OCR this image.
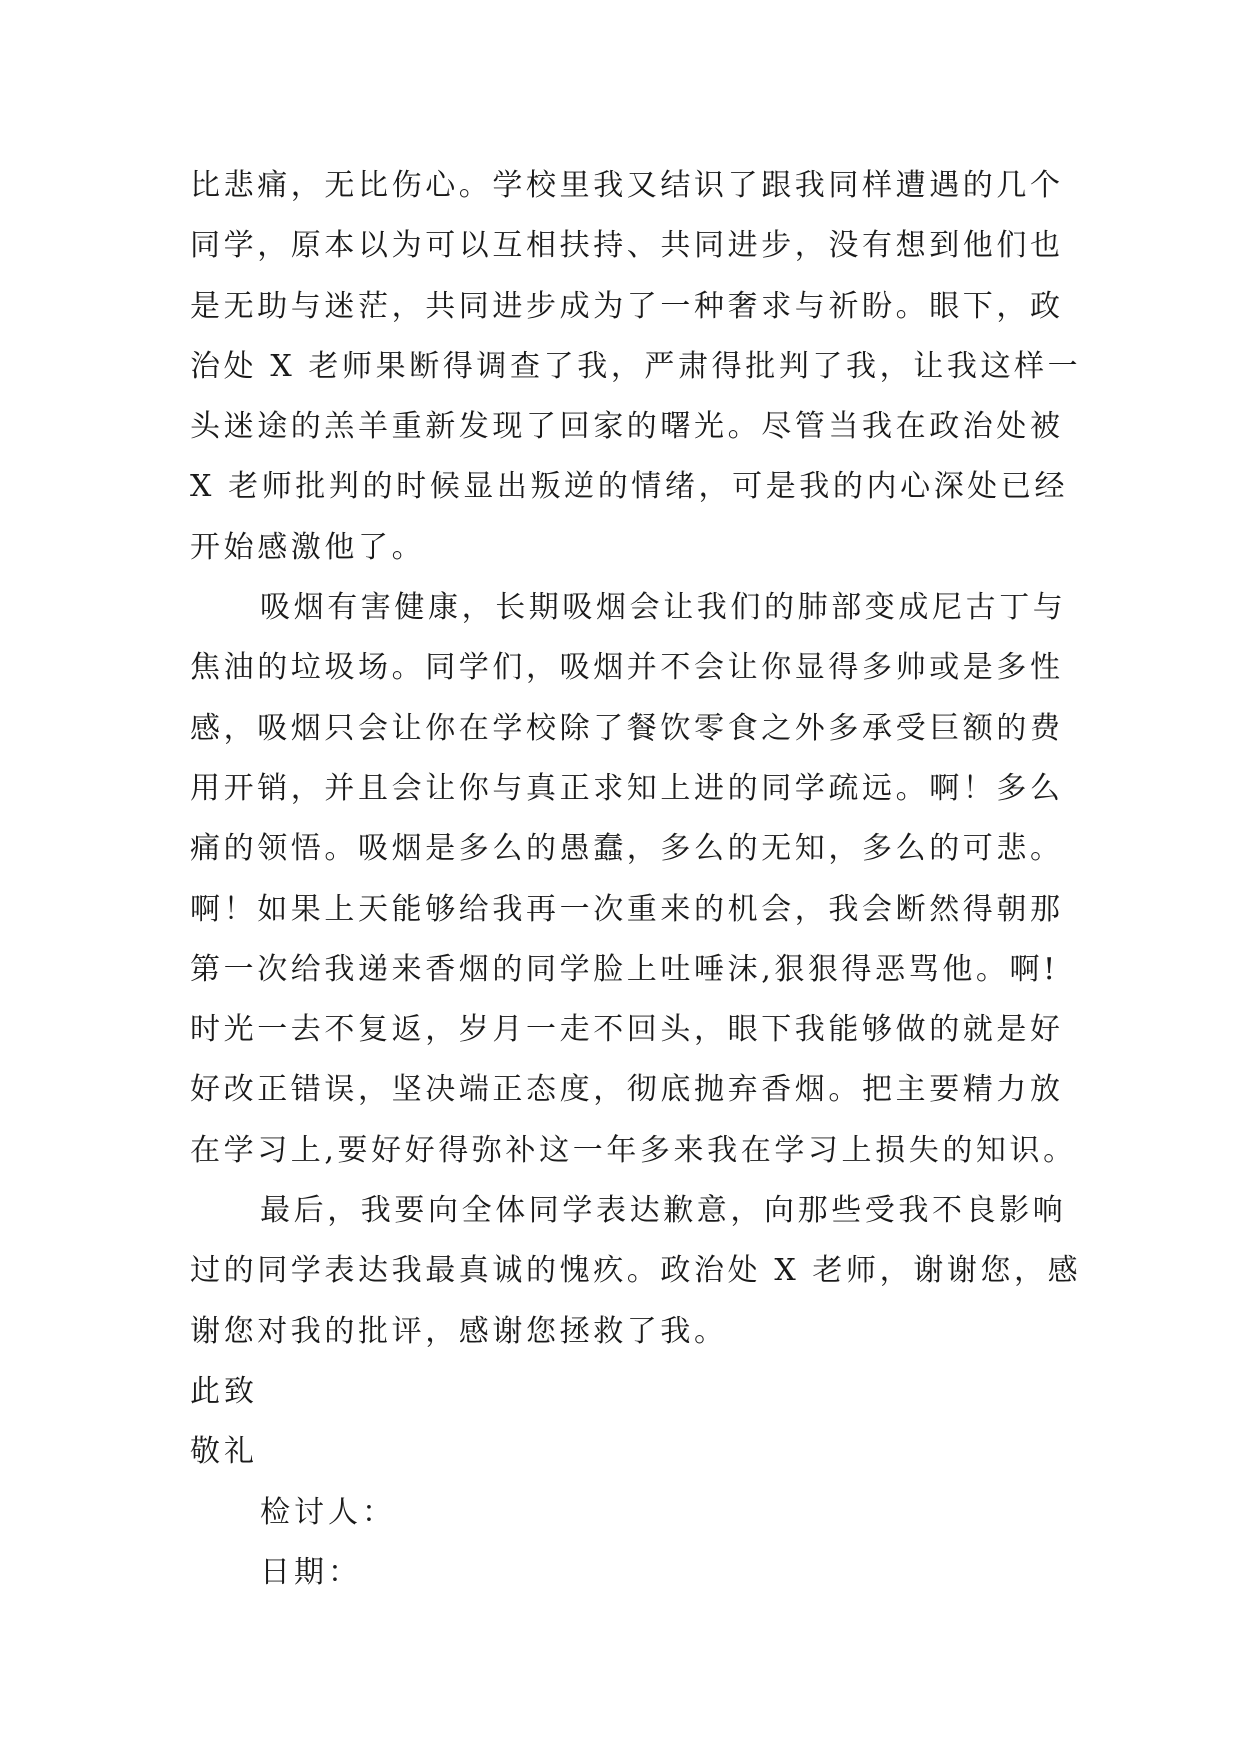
比悲痛，无比伤心。学校里我又结识了跟我同样遭遇的几个
同学，原本以为可以互相扶持、共同进步，没有想到他们也
是无助与迷茫，共同进步成为了一种奢求与祈盼。眼下，政
治处 X 老师果断得调查了我，严肃得批判了我，让我这样一
头迷途的羔羊重新发现了回家的曙光。尽管当我在政治处被
X 老师批判的时候显出叛逆的情绪，可是我的内心深处已经
开始感激他了。
吸烟有害健康，长期吸烟会让我们的肺部变成尼古丁与
焦油的垃圾场。同学们，吸烟并不会让你显得多帅或是多性
感，吸烟只会让你在学校除了餐饮零食之外多承受巨额的费
用开销，并且会让你与真正求知上进的同学疏远。啊！多么
痛的领悟。吸烟是多么的愚蠢，多么的无知，多么的可悲。
啊！如果上天能够给我再一次重来的机会，我会断然得朝那
第一次给我递来香烟的同学脸上吐唾沫,狠狠得恶骂他。啊!
时光一去不复返，岁月一走不回头，眼下我能够做的就是好
好改正错误，坚决端正态度，彻底抛弃香烟。把主要精力放
在学习上,要好好得弥补这一年多来我在学习上损失的知识。
最后，我要向全体同学表达歉意，向那些受我不良影响
过的同学表达我最真诚的愧疚。政治处 X 老师，谢谢您，感
谢您对我的批评，感谢您拯救了我。
此致
敬礼
检讨人：
日期：
